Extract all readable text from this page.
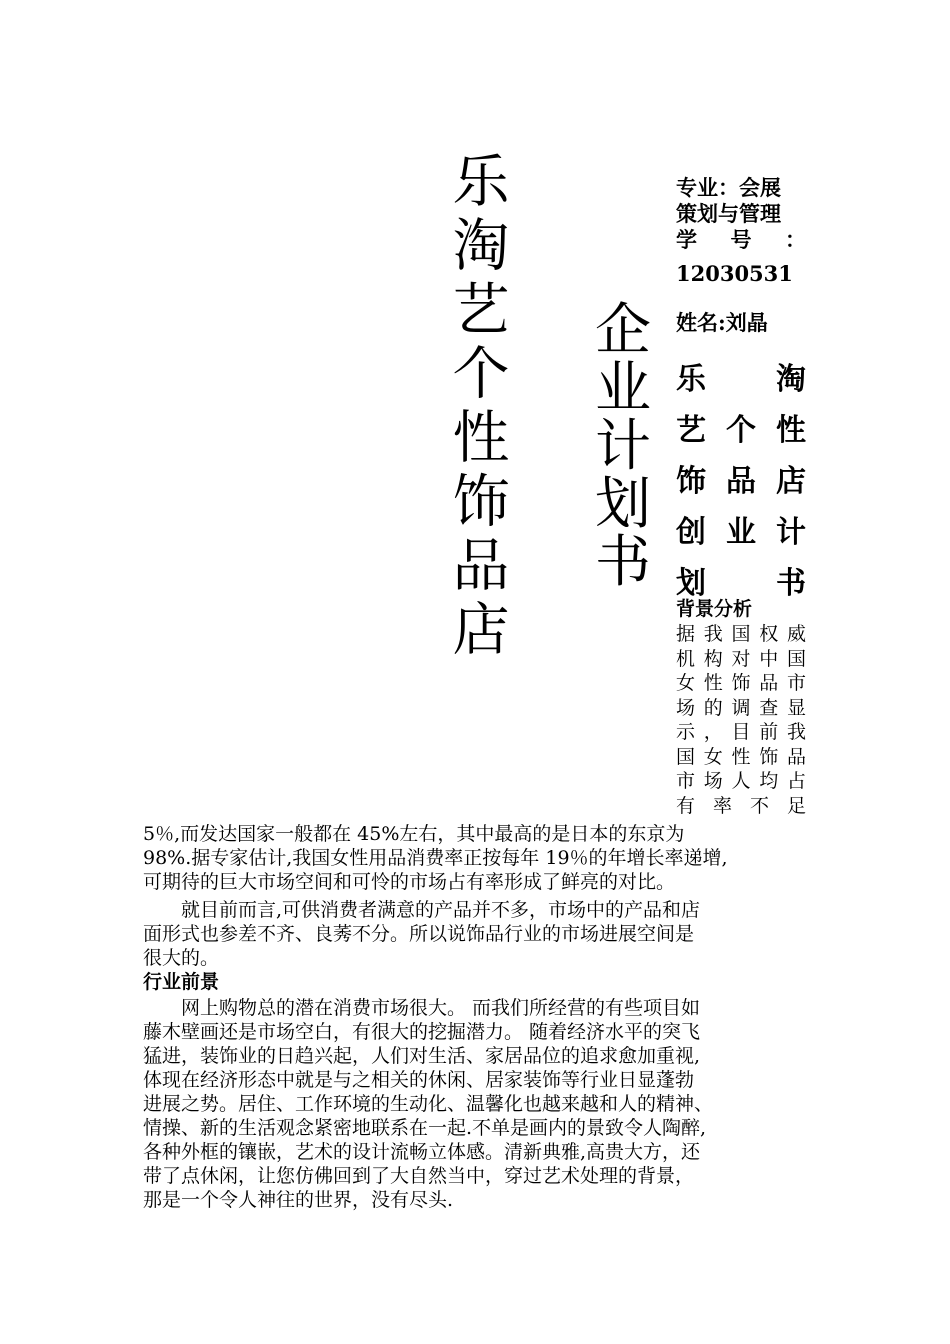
乐
淘
艺
个
性
饰
品
店
企
业
计
划
书
专业：会展
策划与管理
学 号 ：
12030531
姓名:刘晶
乐 淘
艺 个 性
饰 品 店
创 业 计
划 书
背景分析
据 我 国 权 威
机 构 对 中 国
女 性 饰 品 市
场 的 调 查 显
示 ， 目 前 我
国 女 性 饰 品
市 场 人 均 占
有 率 不 足
5％,而发达国家一般都在 45%左右，其中最高的是日本的东京为
98%.据专家估计,我国女性用品消费率正按每年 19％的年增长率递增,
可期待的巨大市场空间和可怜的市场占有率形成了鲜亮的对比。
就目前而言,可供消费者满意的产品并不多，市场中的产品和店
面形式也参差不齐、良莠不分。所以说饰品行业的市场进展空间是
很大的。
行业前景
网上购物总的潜在消费市场很大。 而我们所经营的有些项目如
藤木壁画还是市场空白，有很大的挖掘潜力。 随着经济水平的突飞
猛进，装饰业的日趋兴起，人们对生活、家居品位的追求愈加重视,
体现在经济形态中就是与之相关的休闲、居家装饰等行业日显蓬勃
进展之势。居住、工作环境的生动化、温馨化也越来越和人的精神、
情操、新的生活观念紧密地联系在一起.不单是画内的景致令人陶醉,
各种外框的镶嵌，艺术的设计流畅立体感。清新典雅,高贵大方，还
带了点休闲，让您仿佛回到了大自然当中，穿过艺术处理的背景，
那是一个令人神往的世界，没有尽头.
